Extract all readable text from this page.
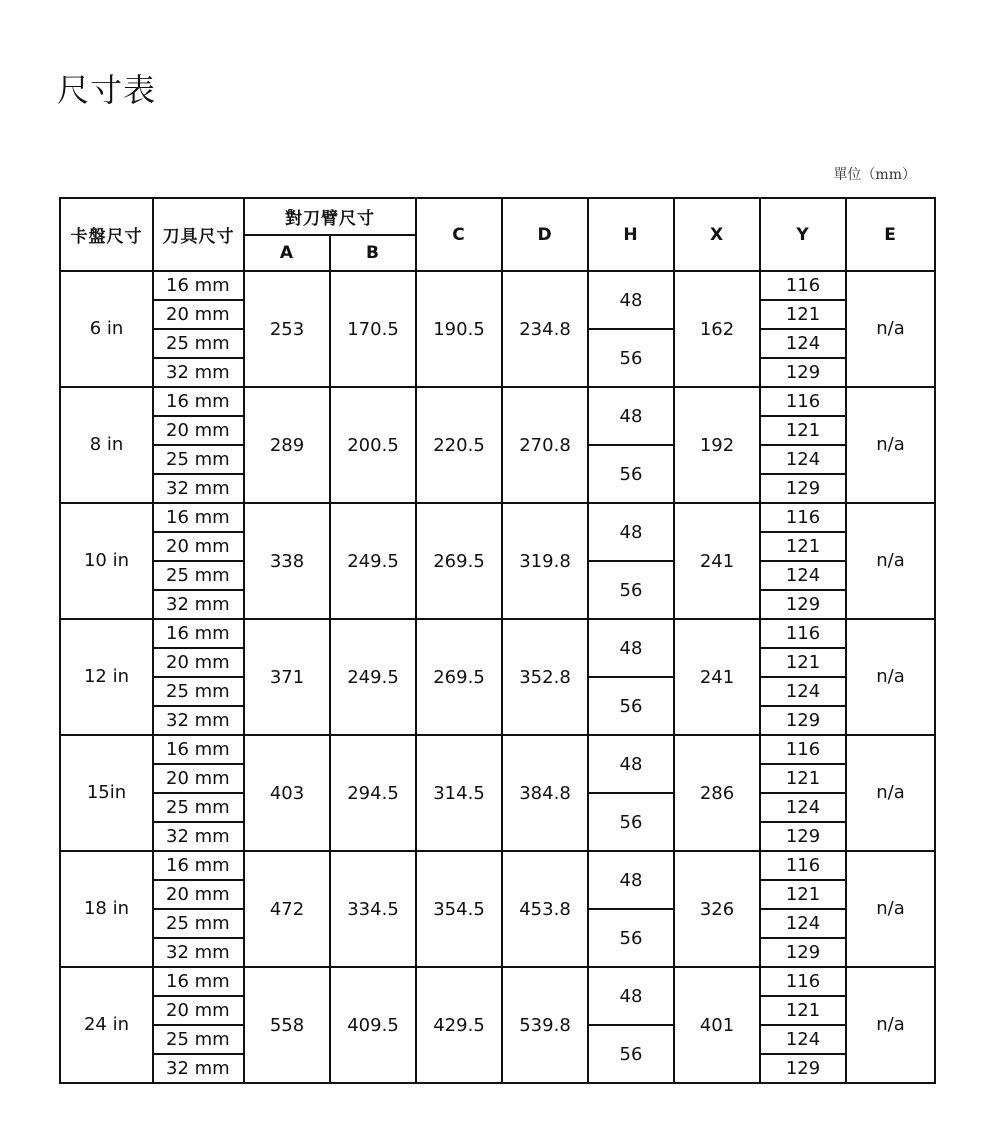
尺寸表
單位（mm）
卡盤尺寸	刀具尺寸	對刀臂尺寸		C	D	H	X	Y	E
		A	B						
6 in	16 mm	253	170.5	190.5	234.8	48	162	116	n/a
	20 mm							121	
	25 mm					56		124	
	32 mm							129	
8 in	16 mm	289	200.5	220.5	270.8	48	192	116	n/a
	20 mm							121	
	25 mm					56		124	
	32 mm							129	
10 in	16 mm	338	249.5	269.5	319.8	48	241	116	n/a
	20 mm							121	
	25 mm					56		124	
	32 mm							129	
12 in	16 mm	371	249.5	269.5	352.8	48	241	116	n/a
	20 mm							121	
	25 mm					56		124	
	32 mm							129	
15in	16 mm	403	294.5	314.5	384.8	48	286	116	n/a
	20 mm							121	
	25 mm					56		124	
	32 mm							129	
18 in	16 mm	472	334.5	354.5	453.8	48	326	116	n/a
	20 mm							121	
	25 mm					56		124	
	32 mm							129	
24 in	16 mm	558	409.5	429.5	539.8	48	401	116	n/a
	20 mm							121	
	25 mm					56		124	
	32 mm							129	
